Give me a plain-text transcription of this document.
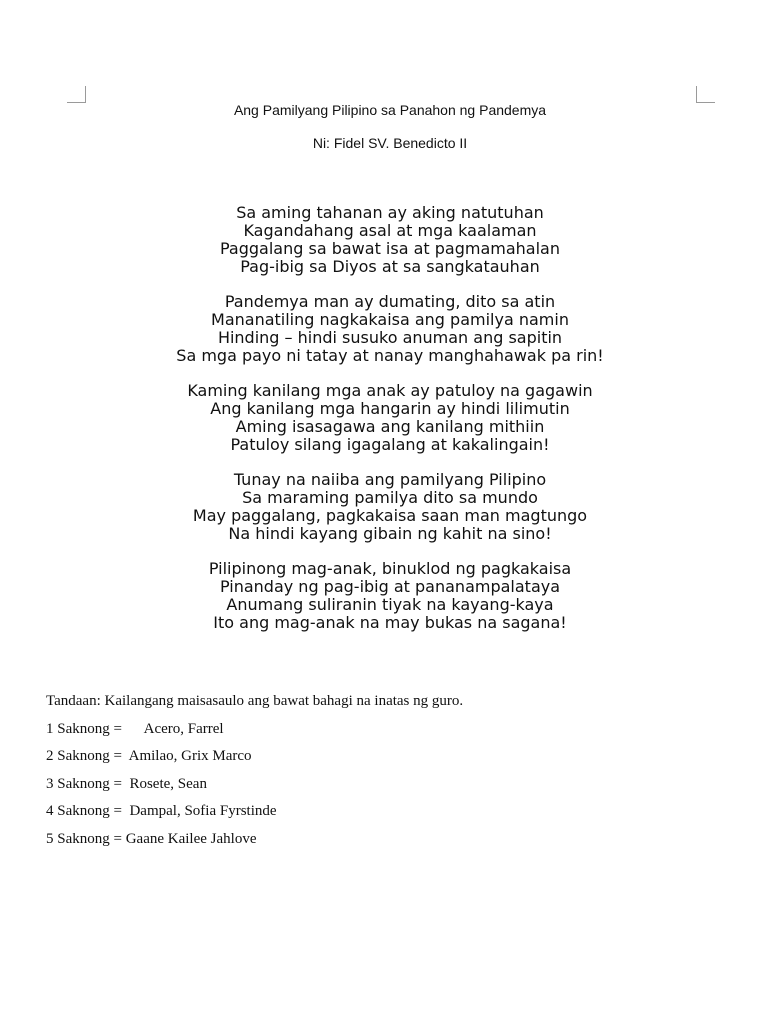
Ang Pamilyang Pilipino sa Panahon ng Pandemya
Ni: Fidel SV. Benedicto II
Sa aming tahanan ay aking natutuhan
Kagandahang asal at mga kaalaman
Paggalang sa bawat isa at pagmamahalan
Pag-ibig sa Diyos at sa sangkatauhan
Pandemya man ay dumating, dito sa atin
Mananatiling nagkakaisa ang pamilya namin
Hinding – hindi susuko anuman ang sapitin
Sa mga payo ni tatay at nanay manghahawak pa rin!
Kaming kanilang mga anak ay patuloy na gagawin
Ang kanilang mga hangarin ay hindi lilimutin
Aming isasagawa ang kanilang mithiin
Patuloy silang igagalang at kakalingain!
Tunay na naiiba ang pamilyang Pilipino
Sa maraming pamilya dito sa mundo
May paggalang, pagkakaisa saan man magtungo
Na hindi kayang gibain ng kahit na sino!
Pilipinong mag-anak, binuklod ng pagkakaisa
Pinanday ng pag-ibig at pananampalataya
Anumang suliranin tiyak na kayang-kaya
Ito ang mag-anak na may bukas na sagana!
Tandaan: Kailangang maisasaulo ang bawat bahagi na inatas ng guro.
1 Saknong =      Acero, Farrel
2 Saknong =  Amilao, Grix Marco
3 Saknong =  Rosete, Sean
4 Saknong =  Dampal, Sofia Fyrstinde
5 Saknong = Gaane Kailee Jahlove
